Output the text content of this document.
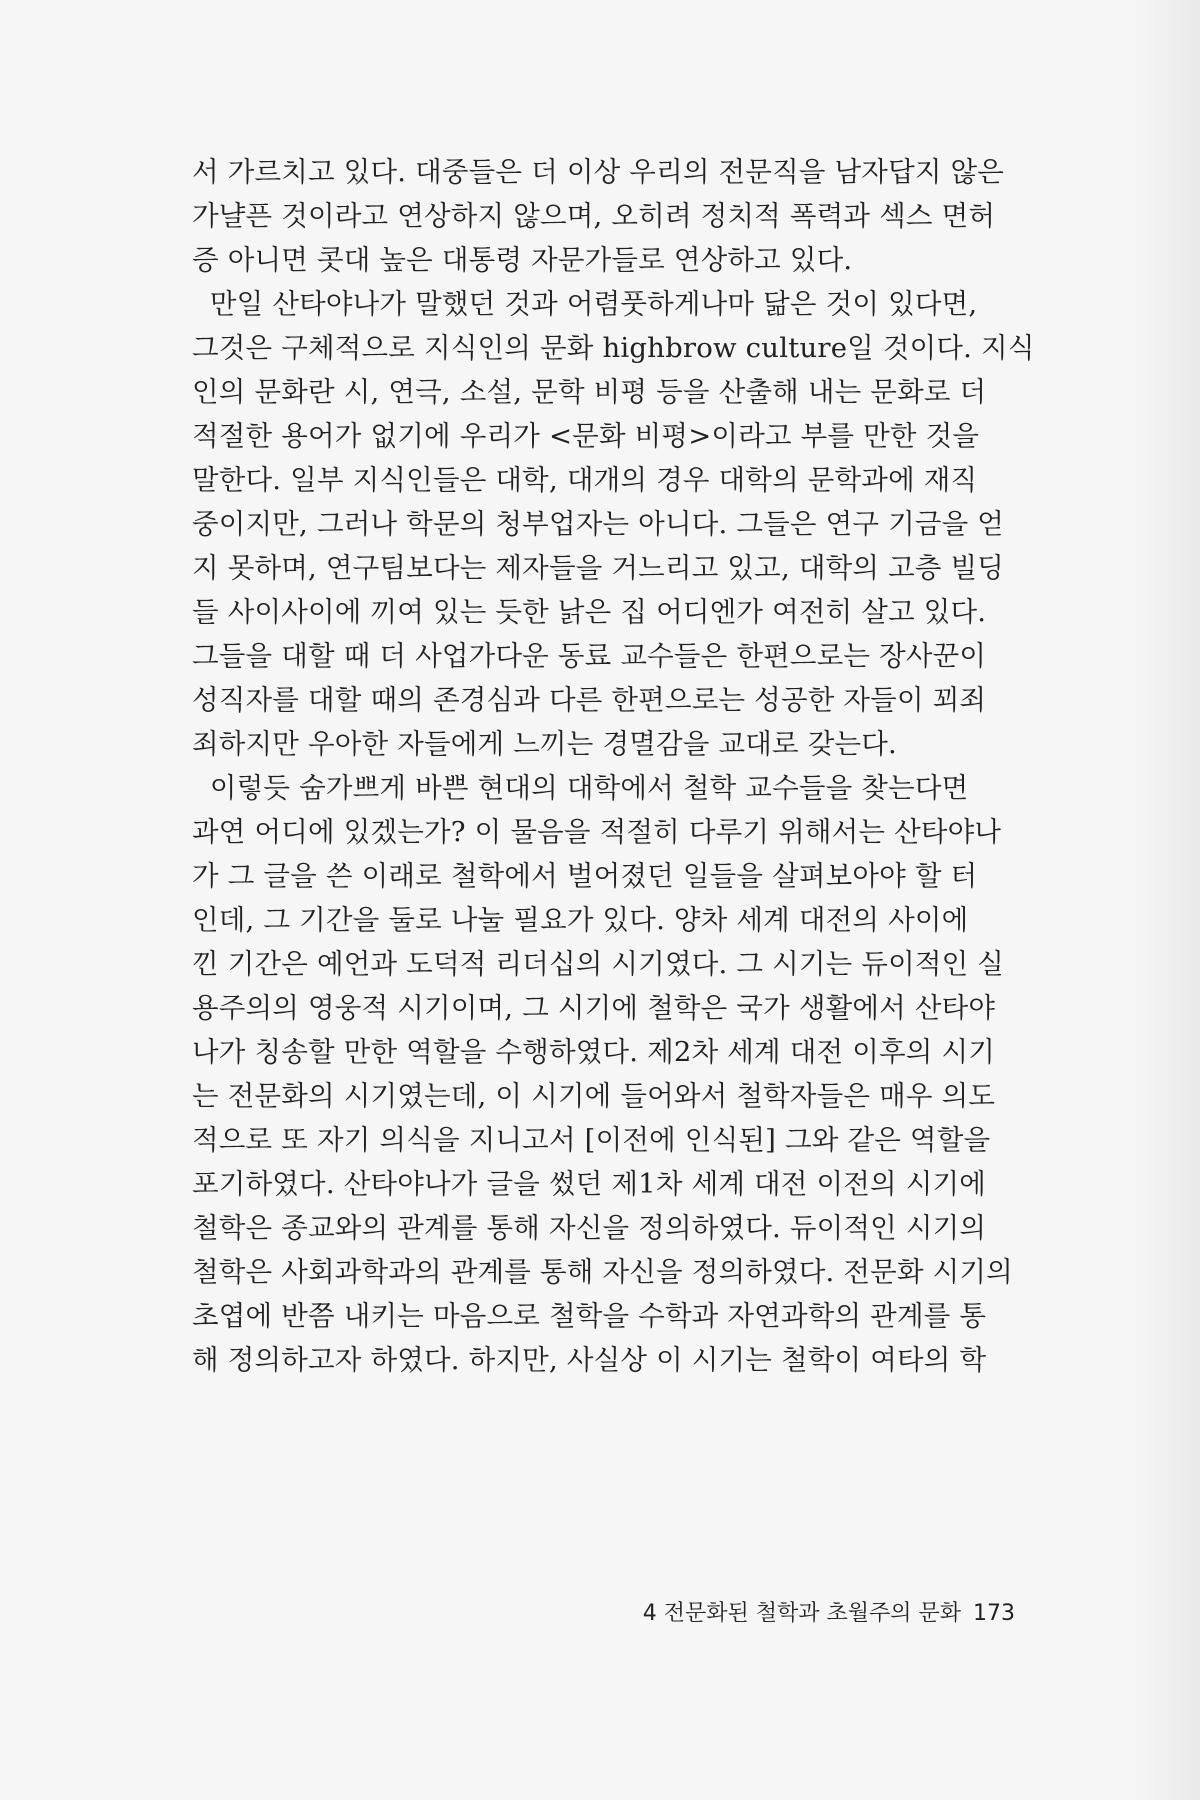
서 가르치고 있다. 대중들은 더 이상 우리의 전문직을 남자답지 않은
가냘픈 것이라고 연상하지 않으며, 오히려 정치적 폭력과 섹스 면허
증 아니면 콧대 높은 대통령 자문가들로 연상하고 있다.
만일 산타야나가 말했던 것과 어렴풋하게나마 닮은 것이 있다면,
그것은 구체적으로 지식인의 문화 highbrow culture일 것이다. 지식
인의 문화란 시, 연극, 소설, 문학 비평 등을 산출해 내는 문화로 더
적절한 용어가 없기에 우리가 <문화 비평>이라고 부를 만한 것을
말한다. 일부 지식인들은 대학, 대개의 경우 대학의 문학과에 재직
중이지만, 그러나 학문의 청부업자는 아니다. 그들은 연구 기금을 얻
지 못하며, 연구팀보다는 제자들을 거느리고 있고, 대학의 고층 빌딩
들 사이사이에 끼여 있는 듯한 낡은 집 어디엔가 여전히 살고 있다.
그들을 대할 때 더 사업가다운 동료 교수들은 한편으로는 장사꾼이
성직자를 대할 때의 존경심과 다른 한편으로는 성공한 자들이 꾀죄
죄하지만 우아한 자들에게 느끼는 경멸감을 교대로 갖는다.
이렇듯 숨가쁘게 바쁜 현대의 대학에서 철학 교수들을 찾는다면
과연 어디에 있겠는가? 이 물음을 적절히 다루기 위해서는 산타야나
가 그 글을 쓴 이래로 철학에서 벌어졌던 일들을 살펴보아야 할 터
인데, 그 기간을 둘로 나눌 필요가 있다. 양차 세계 대전의 사이에
낀 기간은 예언과 도덕적 리더십의 시기였다. 그 시기는 듀이적인 실
용주의의 영웅적 시기이며, 그 시기에 철학은 국가 생활에서 산타야
나가 칭송할 만한 역할을 수행하였다. 제2차 세계 대전 이후의 시기
는 전문화의 시기였는데, 이 시기에 들어와서 철학자들은 매우 의도
적으로 또 자기 의식을 지니고서 [이전에 인식된] 그와 같은 역할을
포기하였다. 산타야나가 글을 썼던 제1차 세계 대전 이전의 시기에
철학은 종교와의 관계를 통해 자신을 정의하였다. 듀이적인 시기의
철학은 사회과학과의 관계를 통해 자신을 정의하였다. 전문화 시기의
초엽에 반쯤 내키는 마음으로 철학을 수학과 자연과학의 관계를 통
해 정의하고자 하였다. 하지만, 사실상 이 시기는 철학이 여타의 학
4 전문화된 철학과 초월주의 문화 173
